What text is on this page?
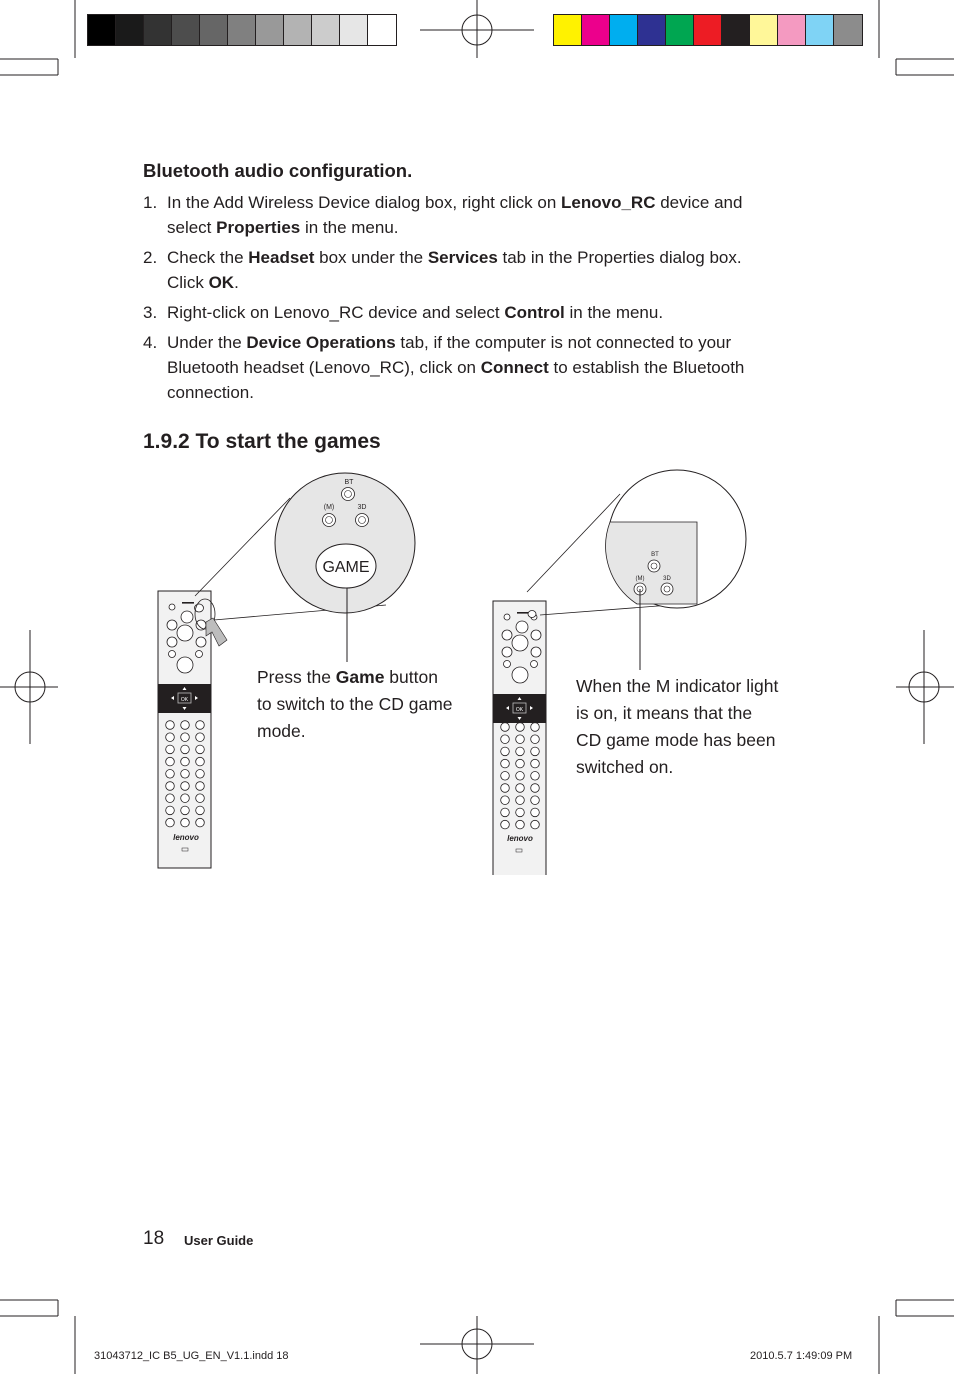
Bluetooth audio configuration.
1. In the Add Wireless Device dialog box, right click on Lenovo_RC device and select Properties in the menu.
2. Check the Headset box under the Services tab in the Properties dialog box. Click OK.
3. Right-click on Lenovo_RC device and select Control in the menu.
4. Under the Device Operations tab, if the computer is not connected to your Bluetooth headset (Lenovo_RC), click on Connect to establish the Bluetooth connection.
1.9.2 To start the games
OK
lenovo
BT
(M)	3D
GAME
OK
lenovo
BT
(M)	3D
Press the Game button to switch to the CD game mode.
When the M indicator light is on, it means that the CD game mode has been switched on.
18 User Guide
31043712_IC B5_UG_EN_V1.1.indd 18	2010.5.7 1:49:09 PM
